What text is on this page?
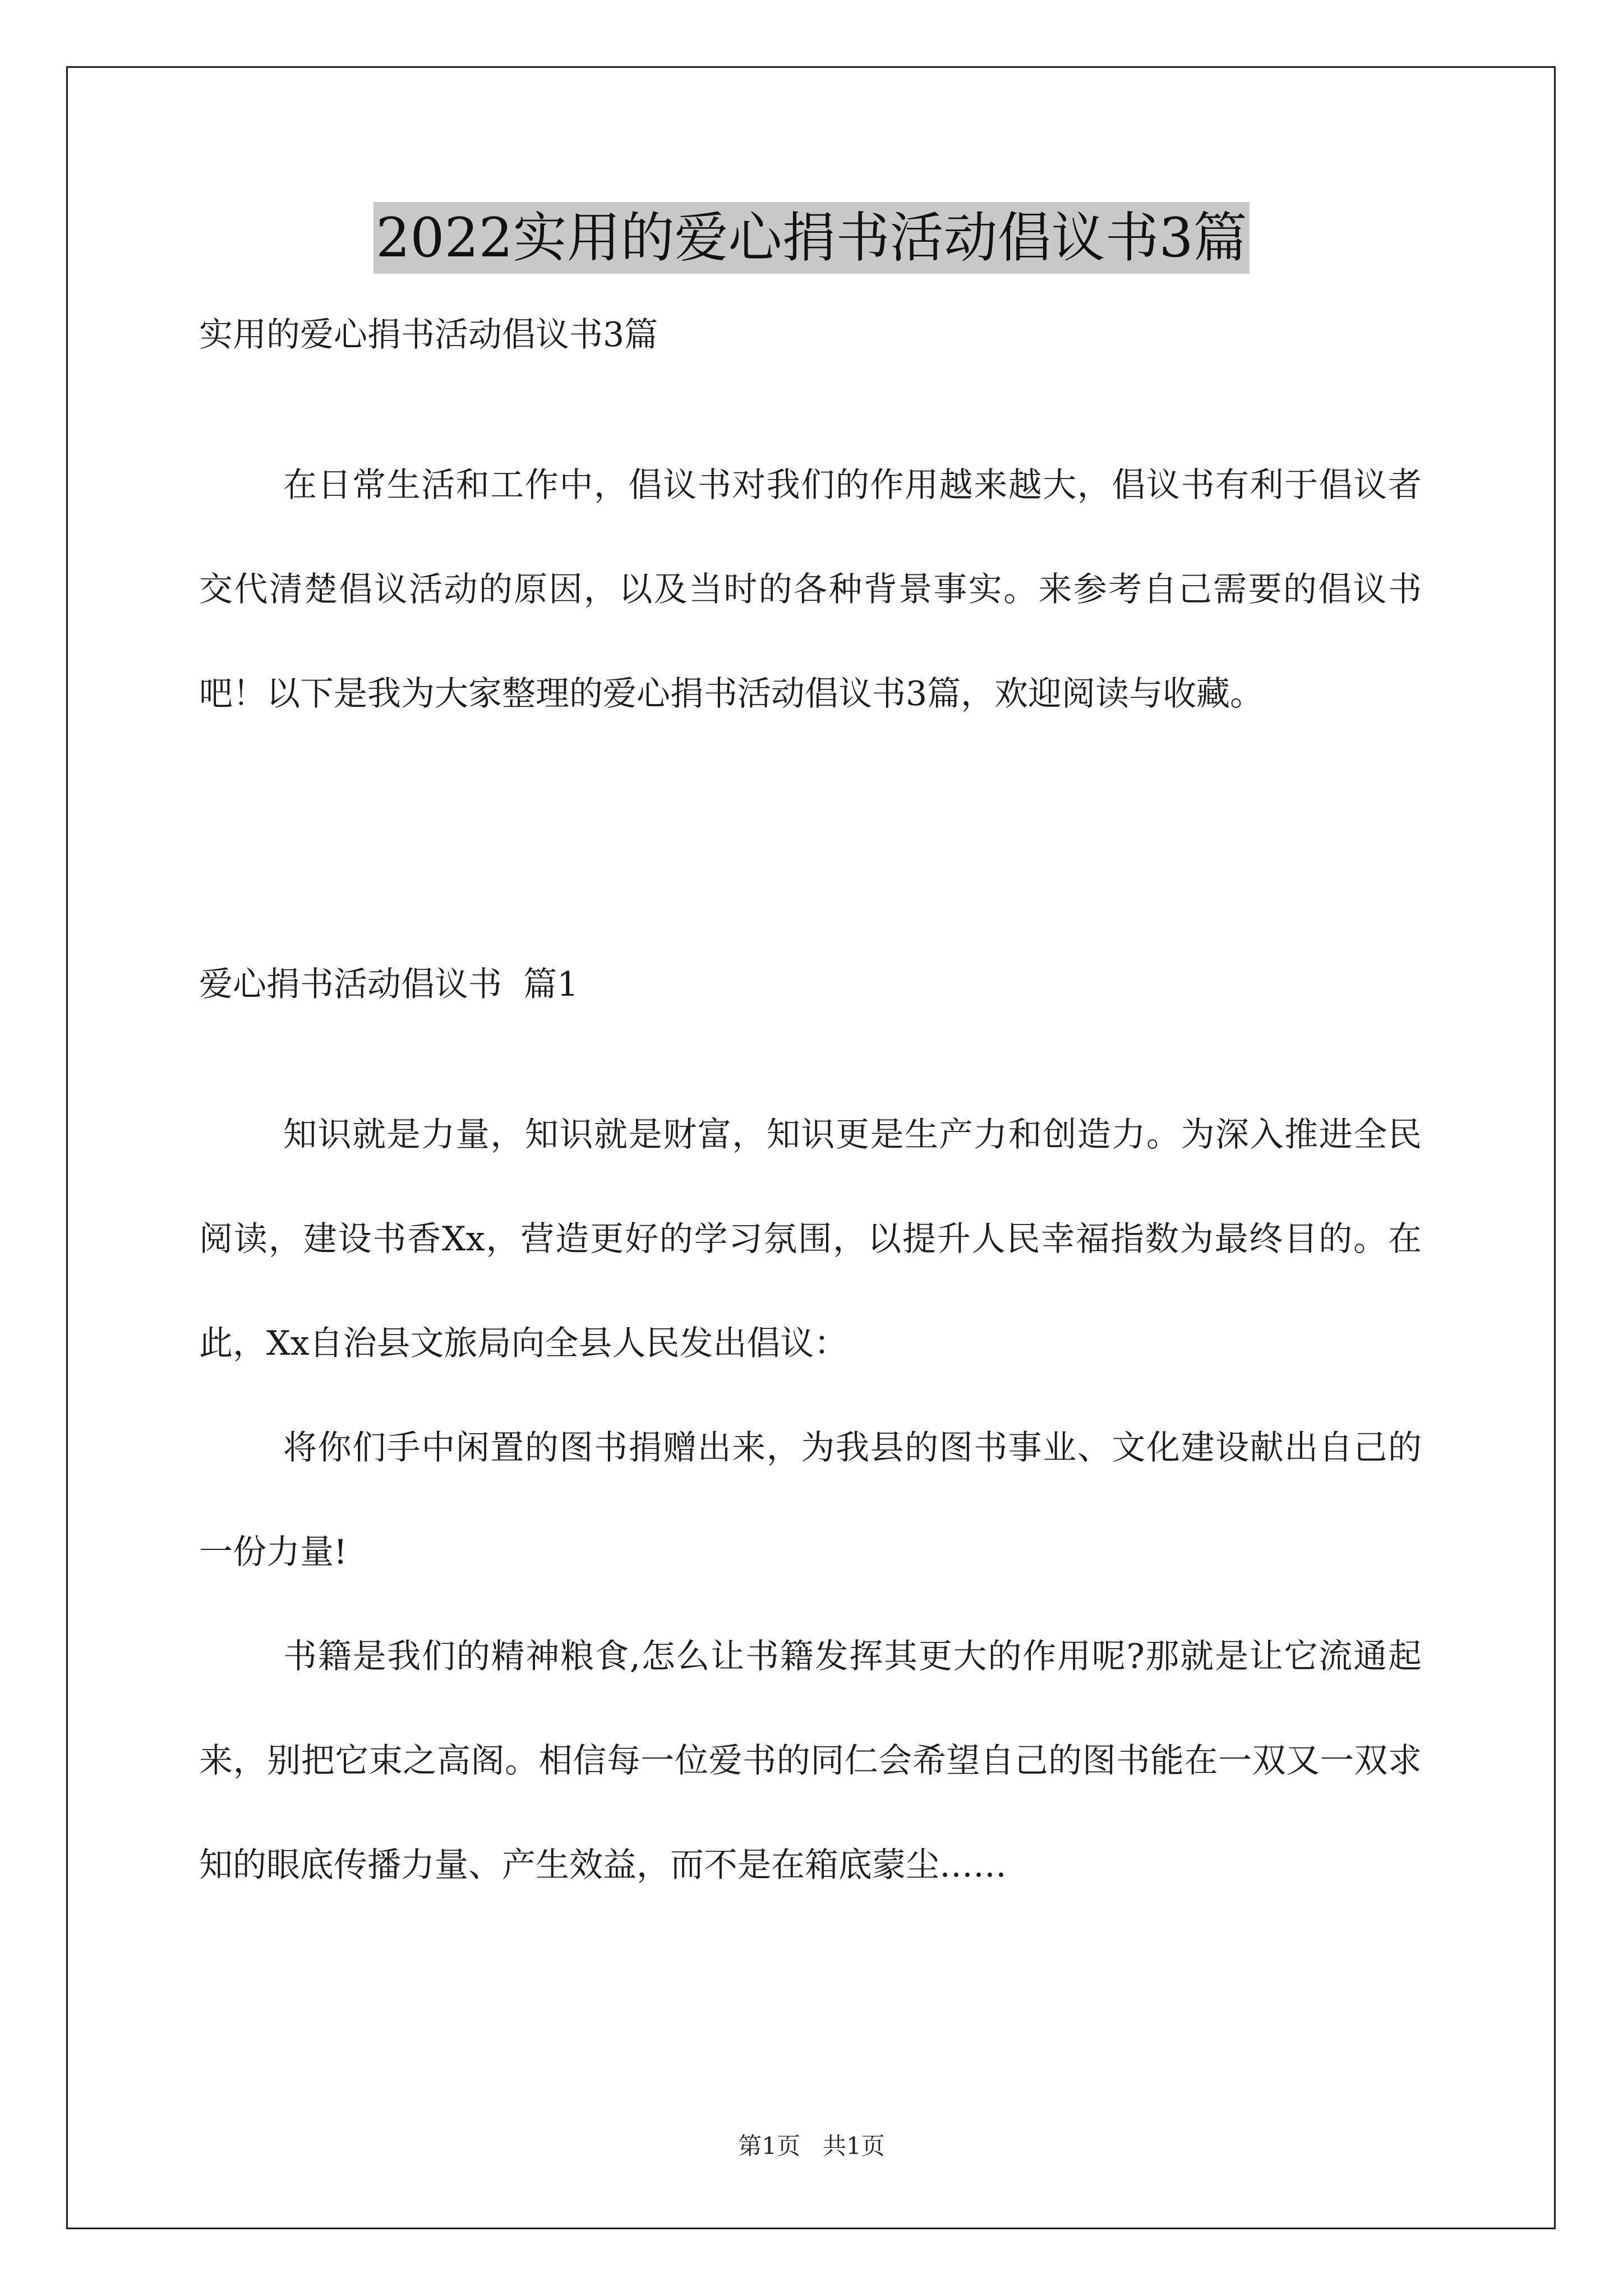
2022实用的爱心捐书活动倡议书3篇
实用的爱心捐书活动倡议书3篇
在日常生活和工作中，倡议书对我们的作用越来越大，倡议书有利于倡议者交代清楚倡议活动的原因，以及当时的各种背景事实。来参考自己需要的倡议书吧！以下是我为大家整理的爱心捐书活动倡议书3篇，欢迎阅读与收藏。
爱心捐书活动倡议书  篇1
知识就是力量，知识就是财富，知识更是生产力和创造力。为深入推进全民阅读，建设书香Xx，营造更好的学习氛围，以提升人民幸福指数为最终目的。在此，Xx自治县文旅局向全县人民发出倡议：
将你们手中闲置的图书捐赠出来，为我县的图书事业、文化建设献出自己的一份力量!
书籍是我们的精神粮食,怎么让书籍发挥其更大的作用呢?那就是让它流通起来，别把它束之高阁。相信每一位爱书的同仁会希望自己的图书能在一双又一双求知的眼底传播力量、产生效益，而不是在箱底蒙尘……
第1页   共1页
